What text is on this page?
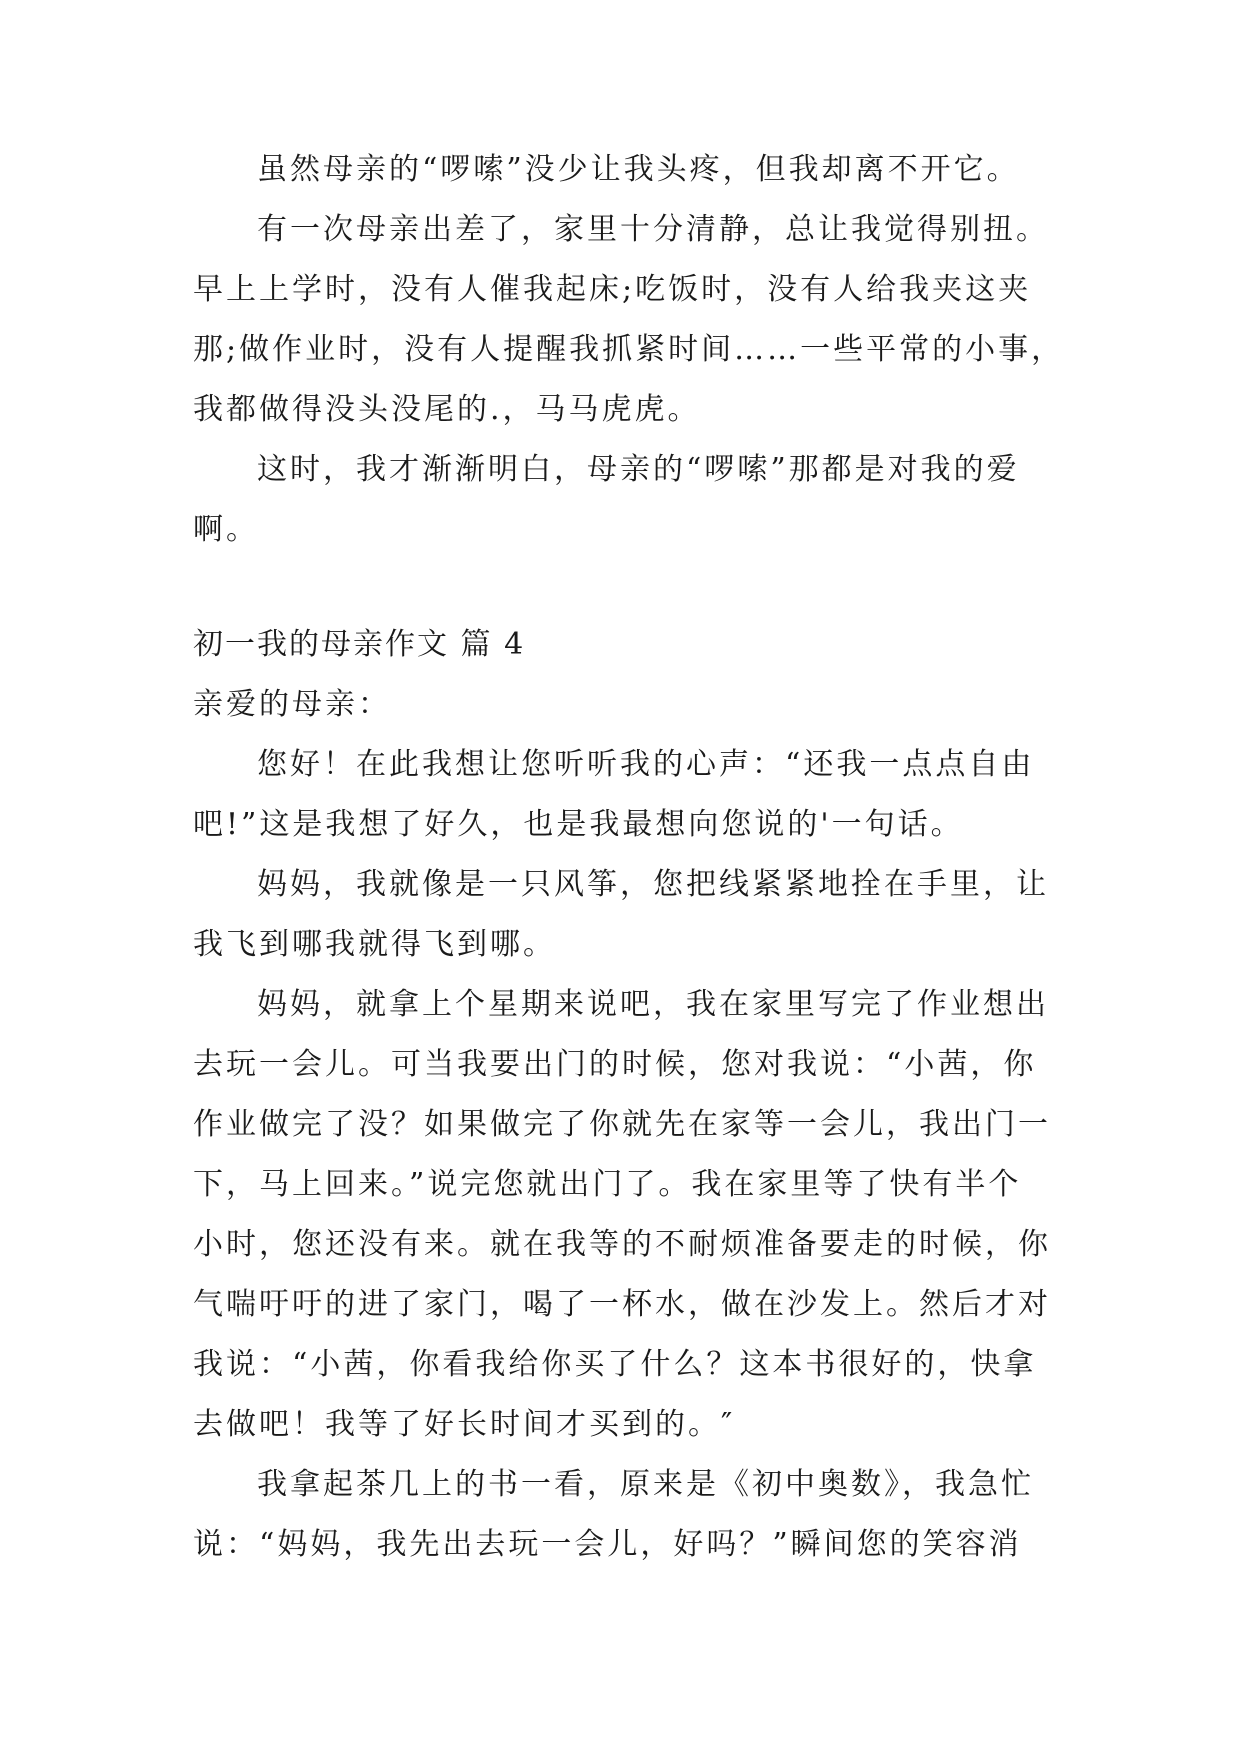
虽然母亲的“啰嗦”没少让我头疼，但我却离不开它。

有一次母亲出差了，家里十分清静，总让我觉得别扭。

早上上学时，没有人催我起床;吃饭时，没有人给我夹这夹

那;做作业时，没有人提醒我抓紧时间……一些平常的小事，

我都做得没头没尾的.，马马虎虎。

这时，我才渐渐明白，母亲的“啰嗦”那都是对我的爱

啊。

初一我的母亲作文 篇 4

亲爱的母亲：

您好！在此我想让您听听我的心声：“还我一点点自由

吧!”这是我想了好久，也是我最想向您说的'一句话。

妈妈，我就像是一只风筝，您把线紧紧地拴在手里，让

我飞到哪我就得飞到哪。

妈妈，就拿上个星期来说吧，我在家里写完了作业想出

去玩一会儿。可当我要出门的时候，您对我说：“小茜，你

作业做完了没？如果做完了你就先在家等一会儿，我出门一

下，马上回来。”说完您就出门了。我在家里等了快有半个

小时，您还没有来。就在我等的不耐烦准备要走的时候，你

气喘吁吁的进了家门，喝了一杯水，做在沙发上。然后才对

我说：“小茜，你看我给你买了什么？这本书很好的，快拿

去做吧！我等了好长时间才买到的。″

我拿起茶几上的书一看，原来是《初中奥数》，我急忙

说：“妈妈，我先出去玩一会儿，好吗？”瞬间您的笑容消
